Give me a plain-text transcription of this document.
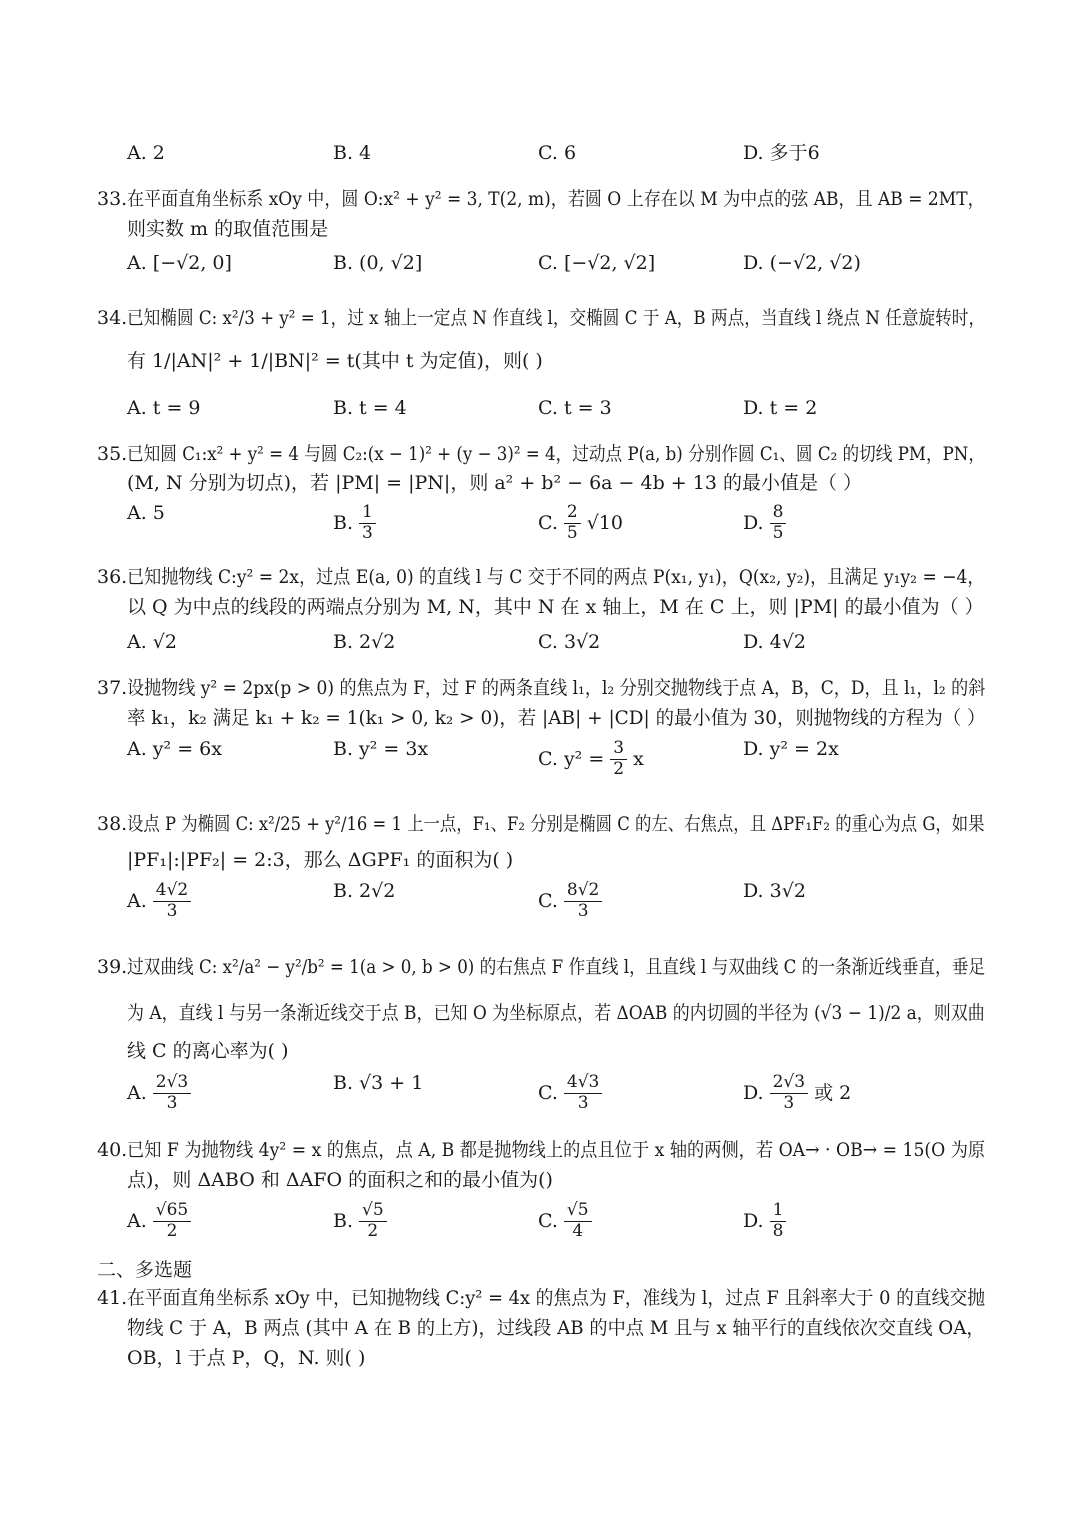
A. 2	B. 4	C. 6	D. 多于6
33. 在平面直角坐标系 xOy 中，圆 O:x² + y² = 3, T(2, m)，若圆 O 上存在以 M 为中点的弦 AB，且 AB = 2MT，
则实数 m 的取值范围是
A. [−√2, 0]	B. (0, √2]	C. [−√2, √2]	D. (−√2, √2)
34. 已知椭圆 C: x²/3 + y² = 1，过 x 轴上一定点 N 作直线 l，交椭圆 C 于 A，B 两点，当直线 l 绕点 N 任意旋转时，
有 1/|AN|² + 1/|BN|² = t(其中 t 为定值)，则( )
A. t = 9	B. t = 4	C. t = 3	D. t = 2
35. 已知圆 C₁:x² + y² = 4 与圆 C₂:(x − 1)² + (y − 3)² = 4，过动点 P(a, b) 分别作圆 C₁、圆 C₂ 的切线 PM，PN，
(M, N 分别为切点)，若 |PM| = |PN|，则 a² + b² − 6a − 4b + 13 的最小值是（ ）
A. 5	B. $\frac{1}{3}$	C. $\frac{2}{5} √10$	D. $\frac{8}{5}$
36. 已知抛物线 C:y² = 2x，过点 E(a, 0) 的直线 l 与 C 交于不同的两点 P(x₁, y₁)，Q(x₂, y₂)，且满足 y₁y₂ = −4，
以 Q 为中点的线段的两端点分别为 M, N，其中 N 在 x 轴上，M 在 C 上，则 |PM| 的最小值为（ ）
A. √2	B. 2√2	C. 3√2	D. 4√2
37. 设抛物线 y² = 2px(p > 0) 的焦点为 F，过 F 的两条直线 l₁，l₂ 分别交抛物线于点 A，B，C，D，且 l₁，l₂ 的斜
率 k₁，k₂ 满足 k₁ + k₂ = 1(k₁ > 0, k₂ > 0)，若 |AB| + |CD| 的最小值为 30，则抛物线的方程为（ ）
A. y² = 6x	B. y² = 3x	C. $y^2 = \frac{3}{2}$ x	D. y² = 2x
38. 设点 P 为椭圆 C: x²/25 + y²/16 = 1 上一点，F₁、F₂ 分别是椭圆 C 的左、右焦点，且 ΔPF₁F₂ 的重心为点 G，如果
|PF₁|:|PF₂| = 2:3，那么 ΔGPF₁ 的面积为( )
A. $\frac{4√2}{3}$	B. 2√2	C. $\frac{8√2}{3}$	D. 3√2
39. 过双曲线 C: x²/a² − y²/b² = 1(a > 0, b > 0) 的右焦点 F 作直线 l，且直线 l 与双曲线 C 的一条渐近线垂直，垂足
为 A，直线 l 与另一条渐近线交于点 B，已知 O 为坐标原点，若 ΔOAB 的内切圆的半径为 (√3 − 1)/2 a，则双曲
线 C 的离心率为( )
A. $\frac{2√3}{3}$	B. √3 + 1	C. $\frac{4√3}{3}$	D. $\frac{2√3}{3}$ 或 2
40. 已知 F 为抛物线 4y² = x 的焦点，点 A, B 都是抛物线上的点且位于 x 轴的两侧，若 OA→ · OB→ = 15(O 为原
点)，则 ΔABO 和 ΔAFO 的面积之和的最小值为()
A. $\frac{√65}{2}$	B. $\frac{√5}{2}$	C. $\frac{√5}{4}$	D. $\frac{1}{8}$
二、多选题
41. 在平面直角坐标系 xOy 中，已知抛物线 C:y² = 4x 的焦点为 F，准线为 l，过点 F 且斜率大于 0 的直线交抛
物线 C 于 A，B 两点 (其中 A 在 B 的上方)，过线段 AB 的中点 M 且与 x 轴平行的直线依次交直线 OA，
OB，l 于点 P，Q，N. 则( )
